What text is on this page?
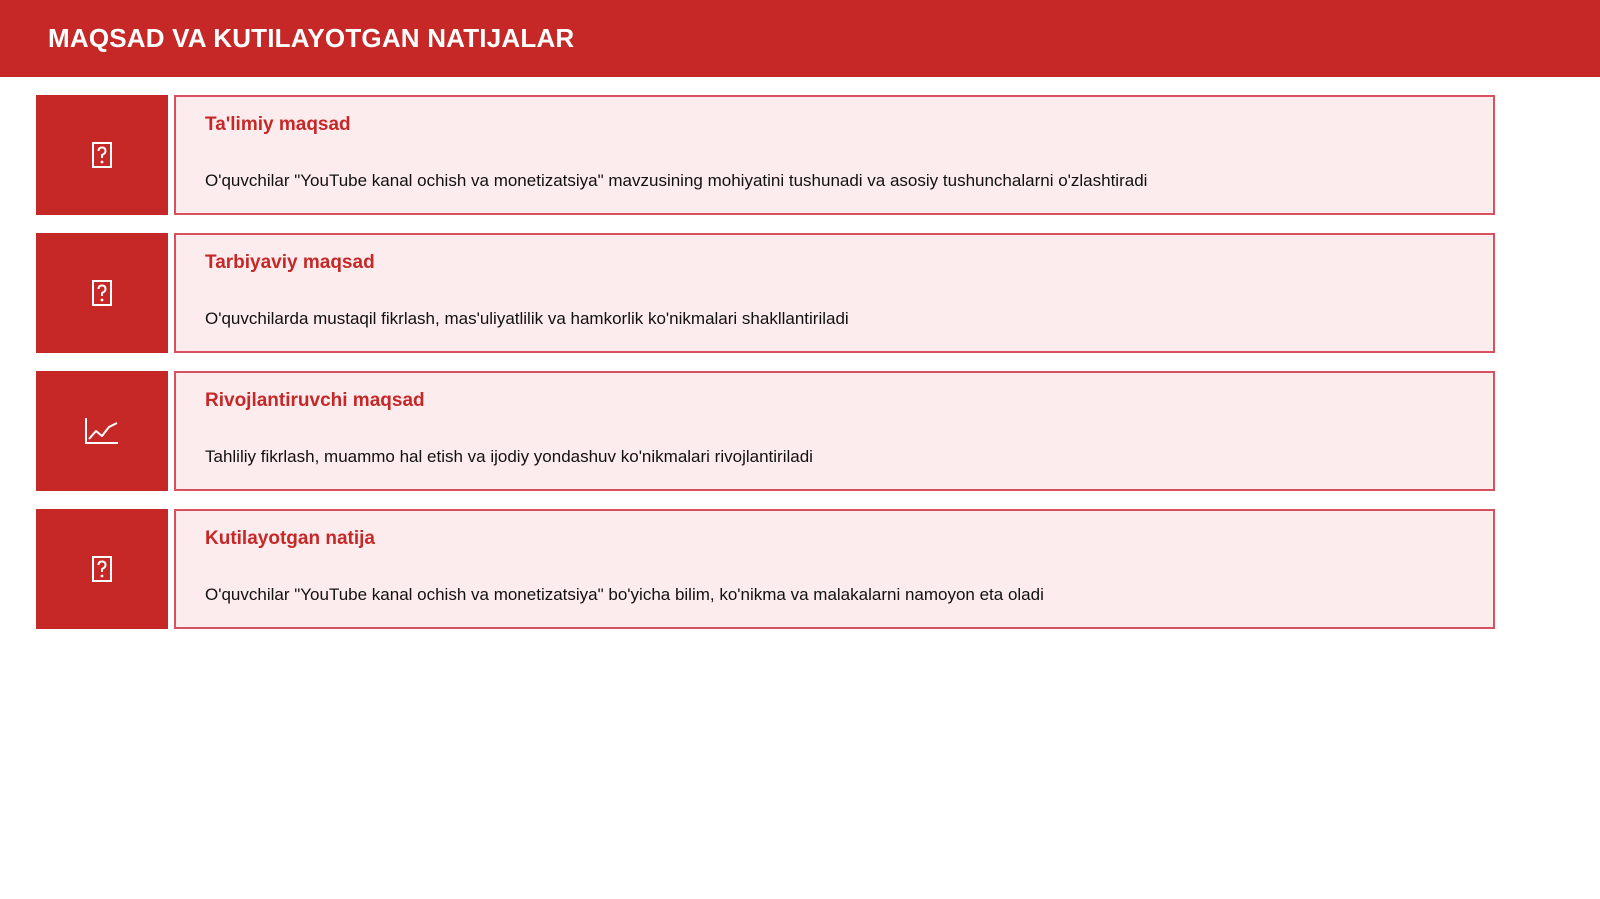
MAQSAD VA KUTILAYOTGAN NATIJALAR
Ta'limiy maqsad
O'quvchilar "YouTube kanal ochish va monetizatsiya" mavzusining mohiyatini tushunadi va asosiy tushunchalarni o'zlashtiradi
Tarbiyaviy maqsad
O'quvchilarda mustaqil fikrlash, mas'uliyatlilik va hamkorlik ko'nikmalari shakllantiriladi
Rivojlantiruvchi maqsad
Tahliliy fikrlash, muammo hal etish va ijodiy yondashuv ko'nikmalari rivojlantiriladi
Kutilayotgan natija
O'quvchilar "YouTube kanal ochish va monetizatsiya" bo'yicha bilim, ko'nikma va malakalarni namoyon eta oladi
